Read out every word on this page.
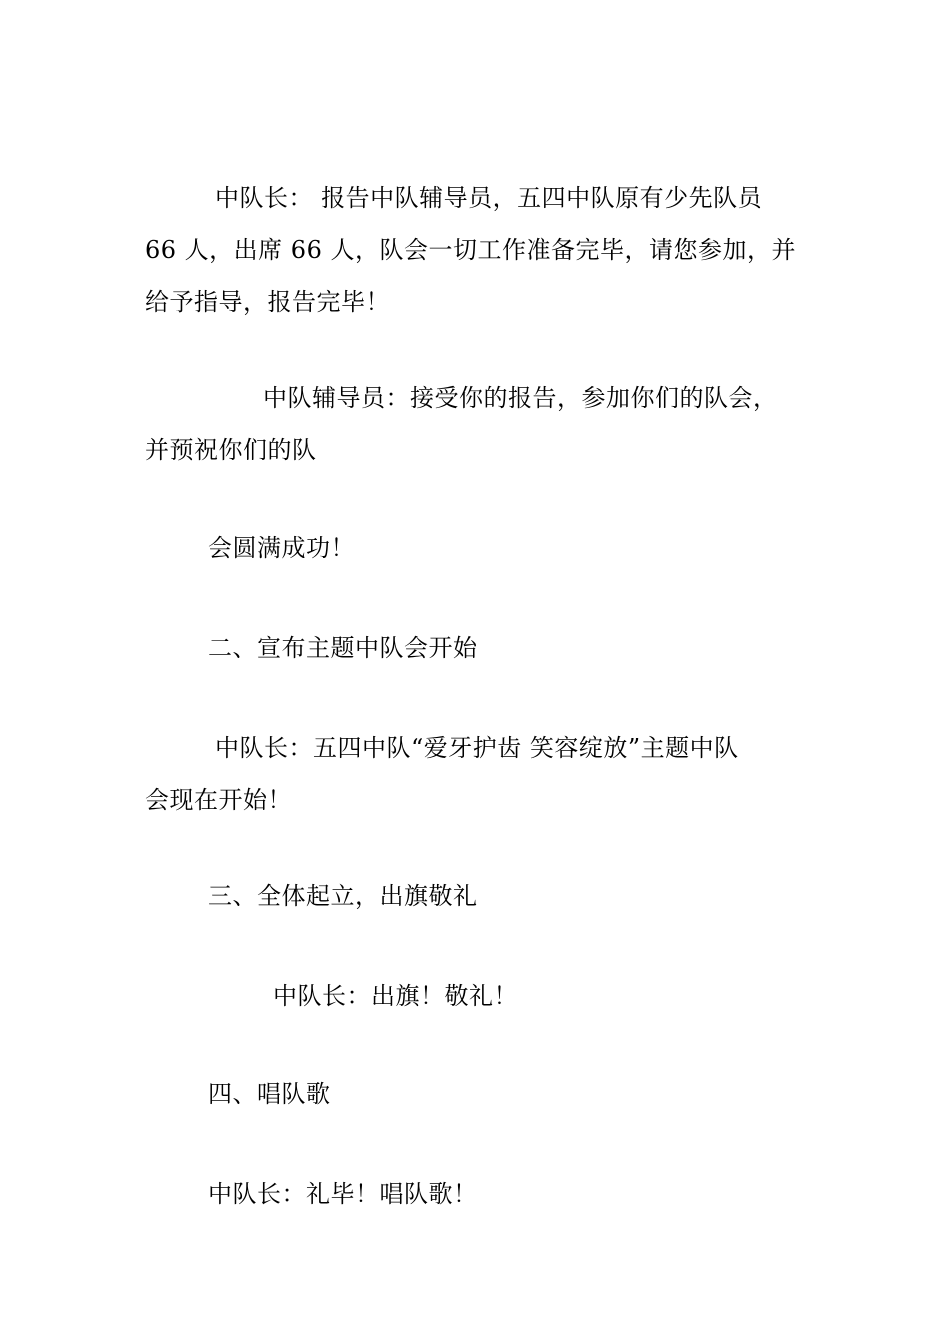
中队长： 报告中队辅导员，五四中队原有少先队员
66 人，出席 66 人，队会一切工作准备完毕，请您参加，并
给予指导，报告完毕！
中队辅导员：接受你的报告，参加你们的队会，
并预祝你们的队
会圆满成功！
二、宣布主题中队会开始
中队长：五四中队“爱牙护齿 笑容绽放”主题中队
会现在开始！
三、全体起立，出旗敬礼
中队长：出旗！敬礼！
四、唱队歌
中队长：礼毕！唱队歌！
